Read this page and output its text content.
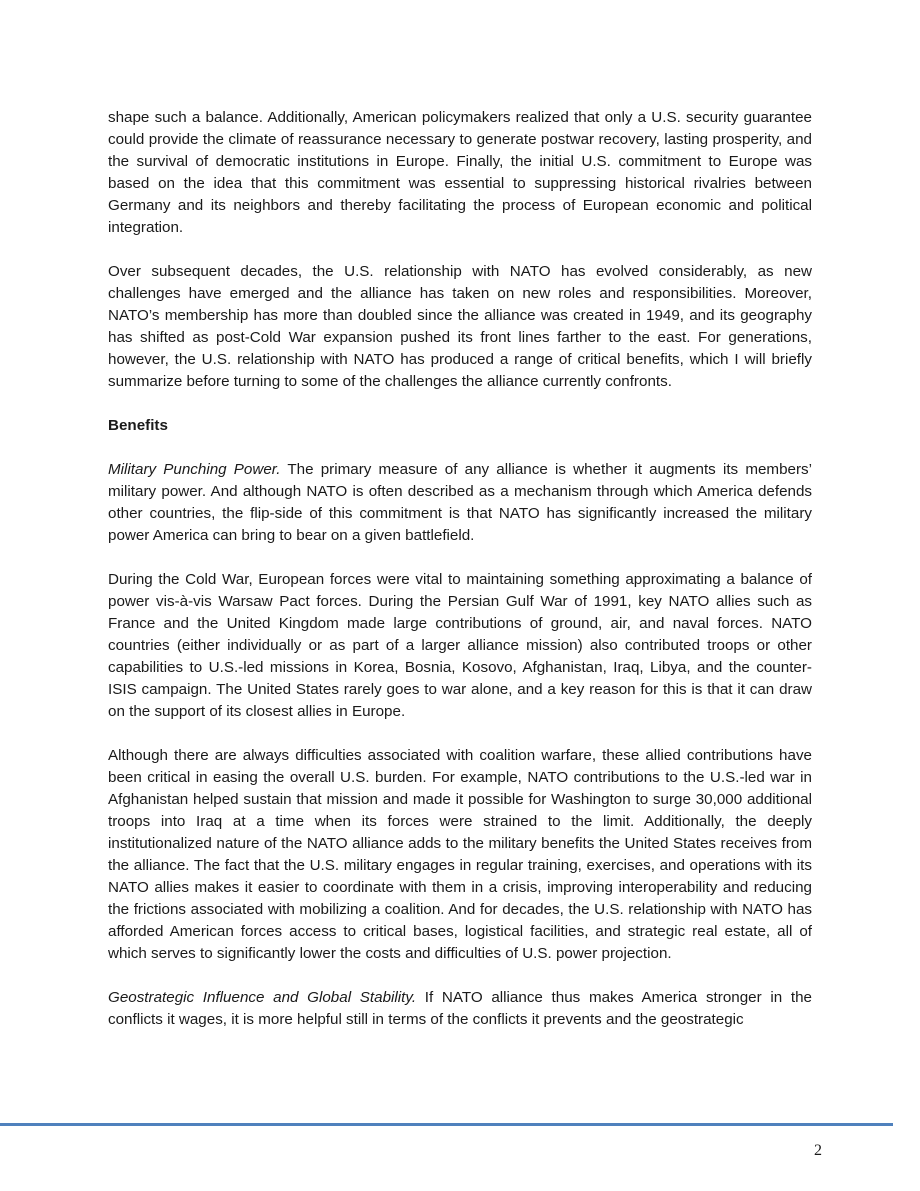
shape such a balance. Additionally, American policymakers realized that only a U.S. security guarantee could provide the climate of reassurance necessary to generate postwar recovery, lasting prosperity, and the survival of democratic institutions in Europe. Finally, the initial U.S. commitment to Europe was based on the idea that this commitment was essential to suppressing historical rivalries between Germany and its neighbors and thereby facilitating the process of European economic and political integration.

Over subsequent decades, the U.S. relationship with NATO has evolved considerably, as new challenges have emerged and the alliance has taken on new roles and responsibilities. Moreover, NATO’s membership has more than doubled since the alliance was created in 1949, and its geography has shifted as post-Cold War expansion pushed its front lines farther to the east. For generations, however, the U.S. relationship with NATO has produced a range of critical benefits, which I will briefly summarize before turning to some of the challenges the alliance currently confronts.

Benefits

Military Punching Power. The primary measure of any alliance is whether it augments its members’ military power. And although NATO is often described as a mechanism through which America defends other countries, the flip-side of this commitment is that NATO has significantly increased the military power America can bring to bear on a given battlefield.

During the Cold War, European forces were vital to maintaining something approximating a balance of power vis-à-vis Warsaw Pact forces. During the Persian Gulf War of 1991, key NATO allies such as France and the United Kingdom made large contributions of ground, air, and naval forces. NATO countries (either individually or as part of a larger alliance mission) also contributed troops or other capabilities to U.S.-led missions in Korea, Bosnia, Kosovo, Afghanistan, Iraq, Libya, and the counter-ISIS campaign. The United States rarely goes to war alone, and a key reason for this is that it can draw on the support of its closest allies in Europe.

Although there are always difficulties associated with coalition warfare, these allied contributions have been critical in easing the overall U.S. burden. For example, NATO contributions to the U.S.-led war in Afghanistan helped sustain that mission and made it possible for Washington to surge 30,000 additional troops into Iraq at a time when its forces were strained to the limit. Additionally, the deeply institutionalized nature of the NATO alliance adds to the military benefits the United States receives from the alliance. The fact that the U.S. military engages in regular training, exercises, and operations with its NATO allies makes it easier to coordinate with them in a crisis, improving interoperability and reducing the frictions associated with mobilizing a coalition. And for decades, the U.S. relationship with NATO has afforded American forces access to critical bases, logistical facilities, and strategic real estate, all of which serves to significantly lower the costs and difficulties of U.S. power projection.

Geostrategic Influence and Global Stability. If NATO alliance thus makes America stronger in the conflicts it wages, it is more helpful still in terms of the conflicts it prevents and the geostrategic

2
